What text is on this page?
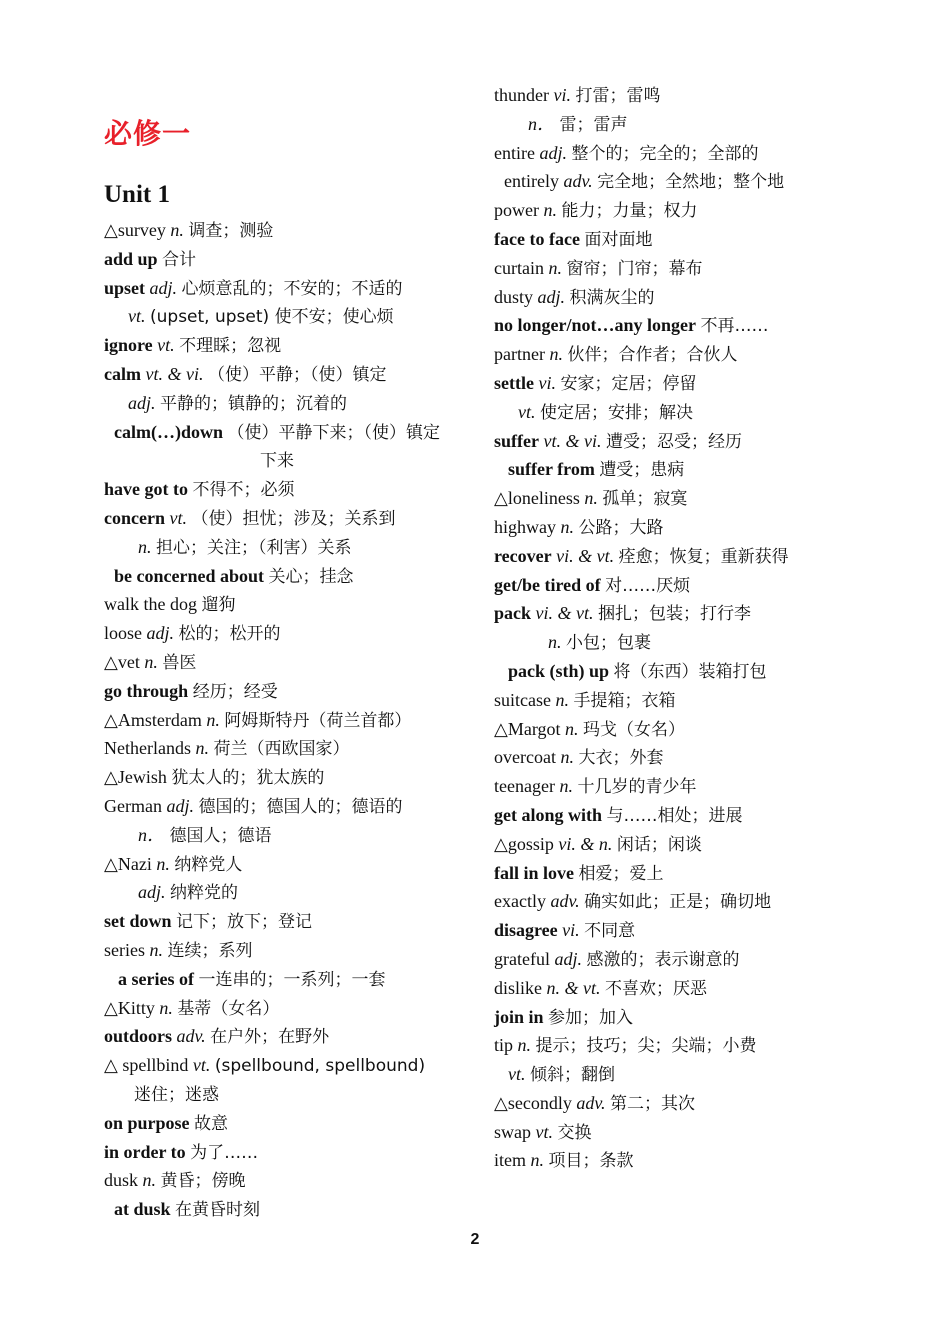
必修一
Unit 1
△survey n. 调查；测验
add up 合计
upset adj. 心烦意乱的；不安的；不适的
vt. (upset, upset) 使不安；使心烦
ignore vt. 不理睬；忽视
calm vt. & vi. （使）平静；（使）镇定
adj. 平静的；镇静的；沉着的
calm(…)down （使）平静下来；（使）镇定
下来
have got to 不得不；必须
concern vt. （使）担忧；涉及；关系到
n. 担心；关注；（利害）关系
be concerned about 关心；挂念
walk the dog 遛狗
loose adj. 松的；松开的
△vet n. 兽医
go through 经历；经受
△Amsterdam n. 阿姆斯特丹（荷兰首都）
Netherlands n. 荷兰（西欧国家）
△Jewish 犹太人的；犹太族的
German adj. 德国的；德国人的；德语的
n． 德国人；德语
△Nazi n. 纳粹党人
adj. 纳粹党的
set down 记下；放下；登记
series n. 连续；系列
a series of 一连串的；一系列；一套
△Kitty n. 基蒂（女名）
outdoors adv. 在户外；在野外
△ spellbind vt. (spellbound, spellbound)
迷住；迷惑
on purpose 故意
in order to 为了……
dusk n. 黄昏；傍晚
at dusk 在黄昏时刻
thunder vi. 打雷；雷鸣
n． 雷；雷声
entire adj. 整个的；完全的；全部的
entirely adv. 完全地；全然地；整个地
power n. 能力；力量；权力
face to face 面对面地
curtain n. 窗帘；门帘；幕布
dusty adj. 积满灰尘的
no longer/not…any longer 不再……
partner n. 伙伴；合作者；合伙人
settle vi. 安家；定居；停留
vt. 使定居；安排；解决
suffer vt. & vi. 遭受；忍受；经历
suffer from 遭受；患病
△loneliness n. 孤单；寂寞
highway n. 公路；大路
recover vi. & vt. 痊愈；恢复；重新获得
get/be tired of 对……厌烦
pack vi. & vt. 捆扎；包装；打行李
n. 小包；包裹
pack (sth) up 将（东西）装箱打包
suitcase n. 手提箱；衣箱
△Margot n. 玛戈（女名）
overcoat n. 大衣；外套
teenager n. 十几岁的青少年
get along with 与……相处；进展
△gossip vi. & n. 闲话；闲谈
fall in love 相爱；爱上
exactly adv. 确实如此；正是；确切地
disagree vi. 不同意
grateful adj. 感激的；表示谢意的
dislike n. & vt. 不喜欢；厌恶
join in 参加；加入
tip n. 提示；技巧；尖；尖端；小费
vt. 倾斜；翻倒
△secondly adv. 第二；其次
swap vt. 交换
item n. 项目；条款
2
